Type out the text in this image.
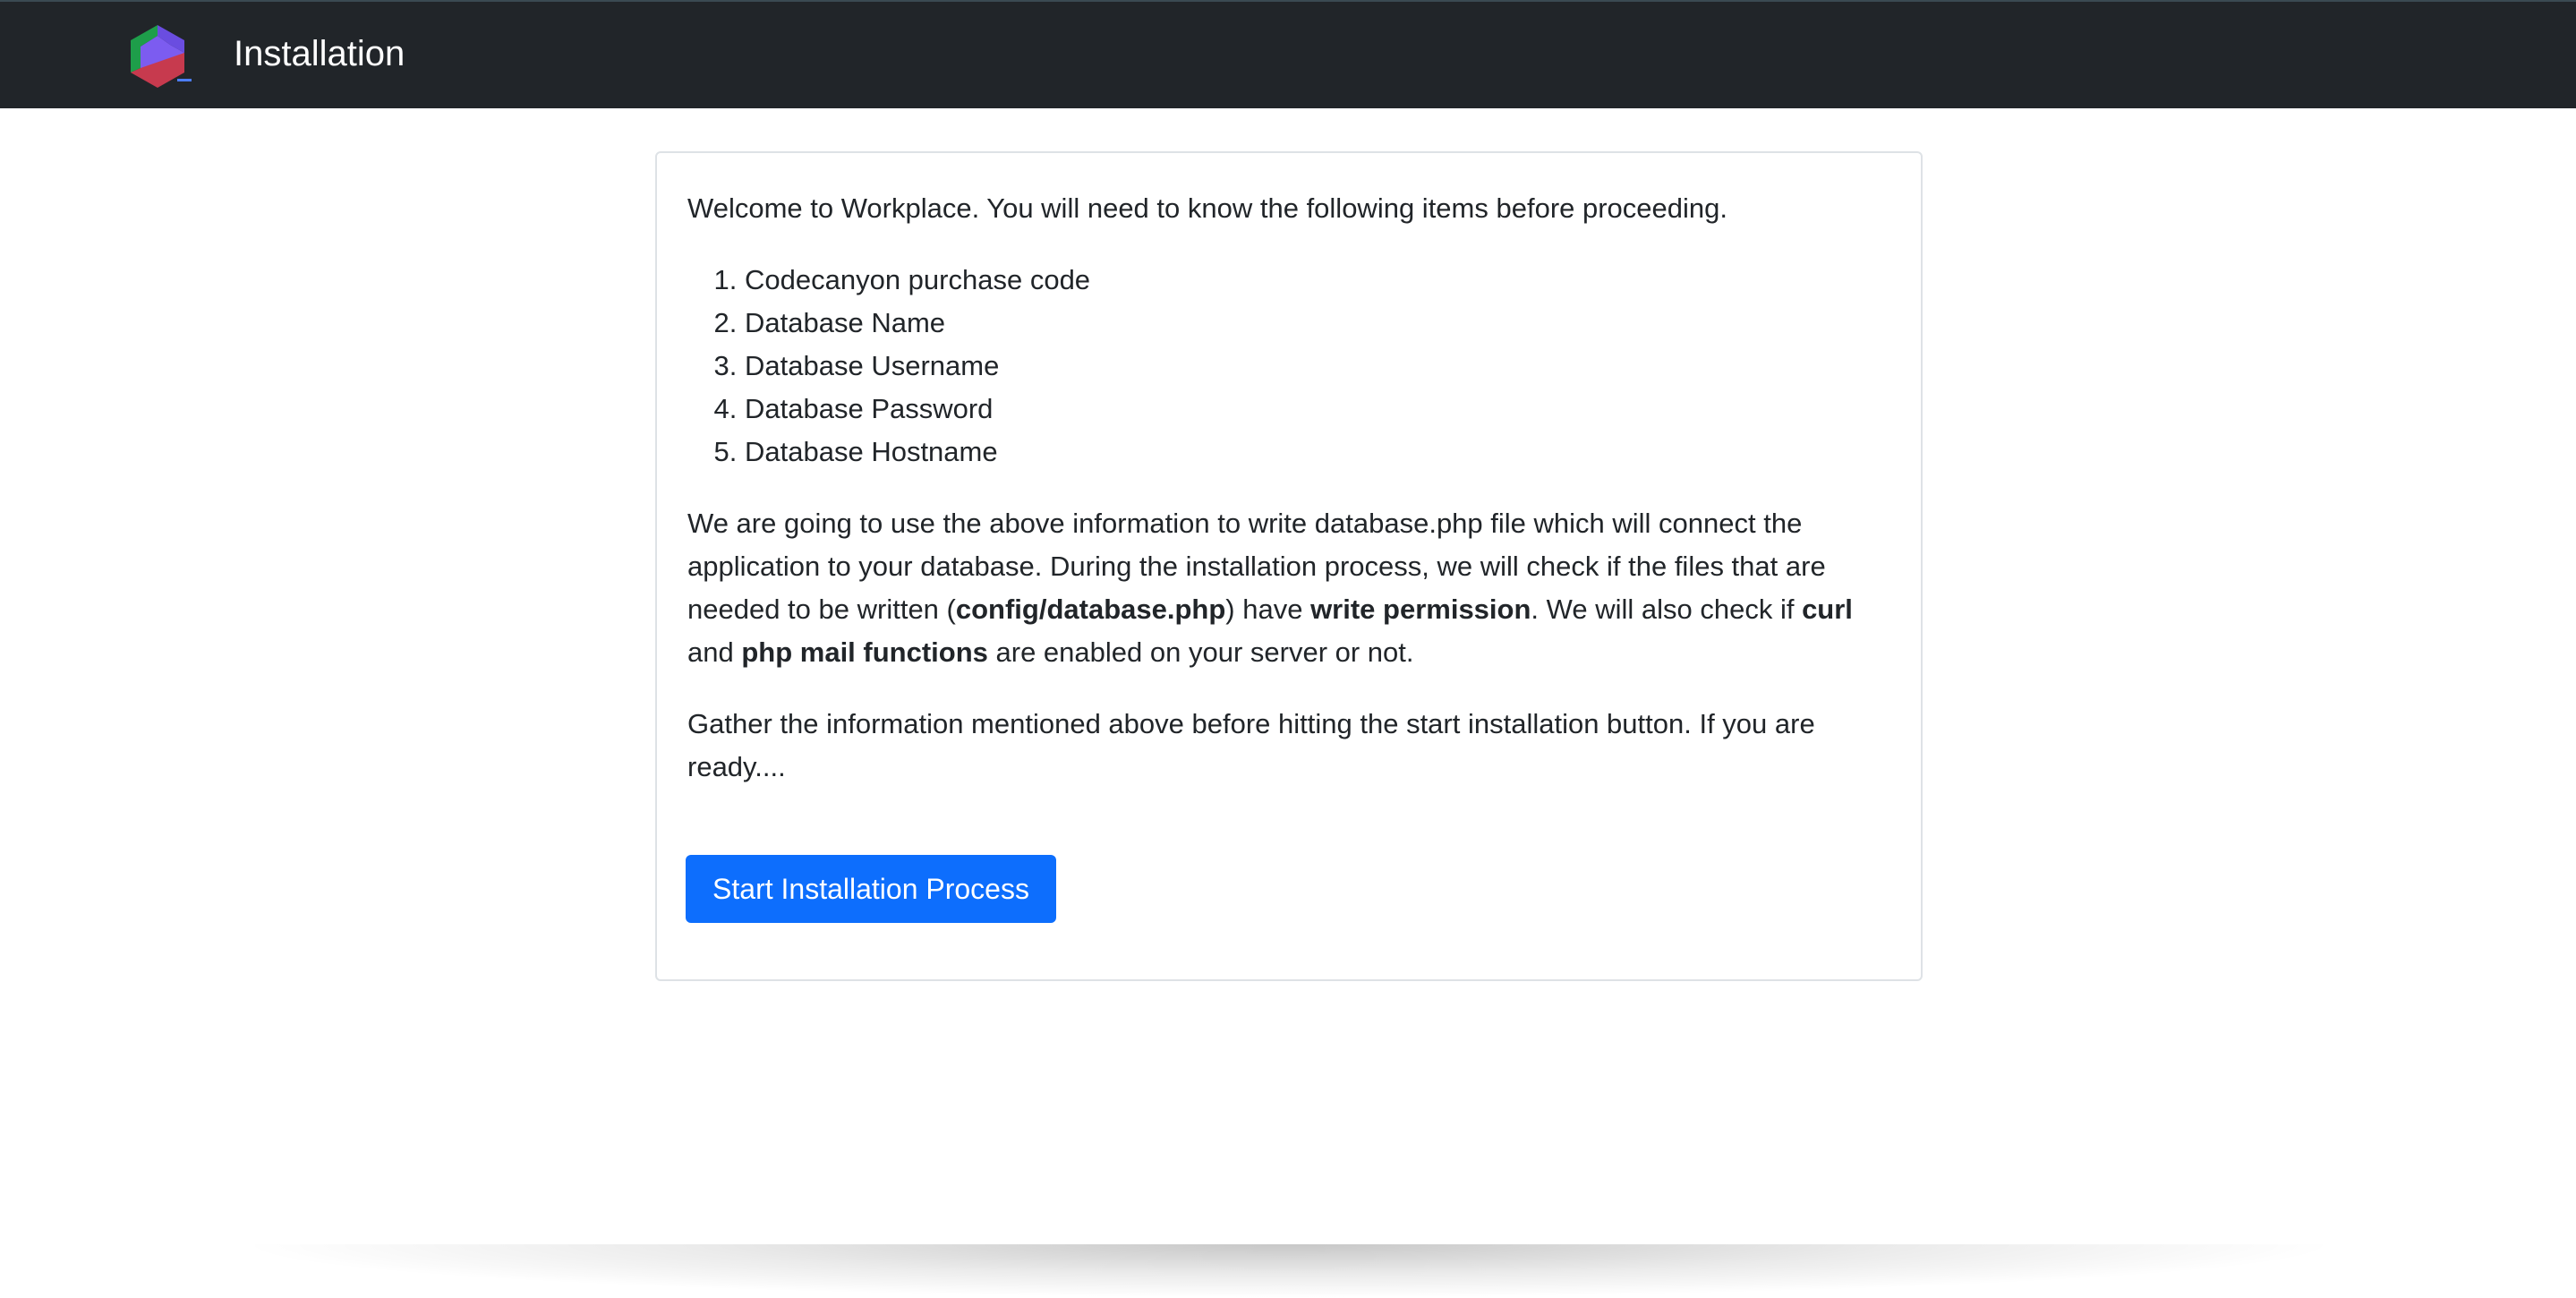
Installation

Welcome to Workplace. You will need to know the following items before proceeding.

1. Codecanyon purchase code
2. Database Name
3. Database Username
4. Database Password
5. Database Hostname

We are going to use the above information to write database.php file which will connect the application to your database. During the installation process, we will check if the files that are needed to be written (config/database.php) have write permission. We will also check if curl and php mail functions are enabled on your server or not.

Gather the information mentioned above before hitting the start installation button. If you are ready....

Start Installation Process
